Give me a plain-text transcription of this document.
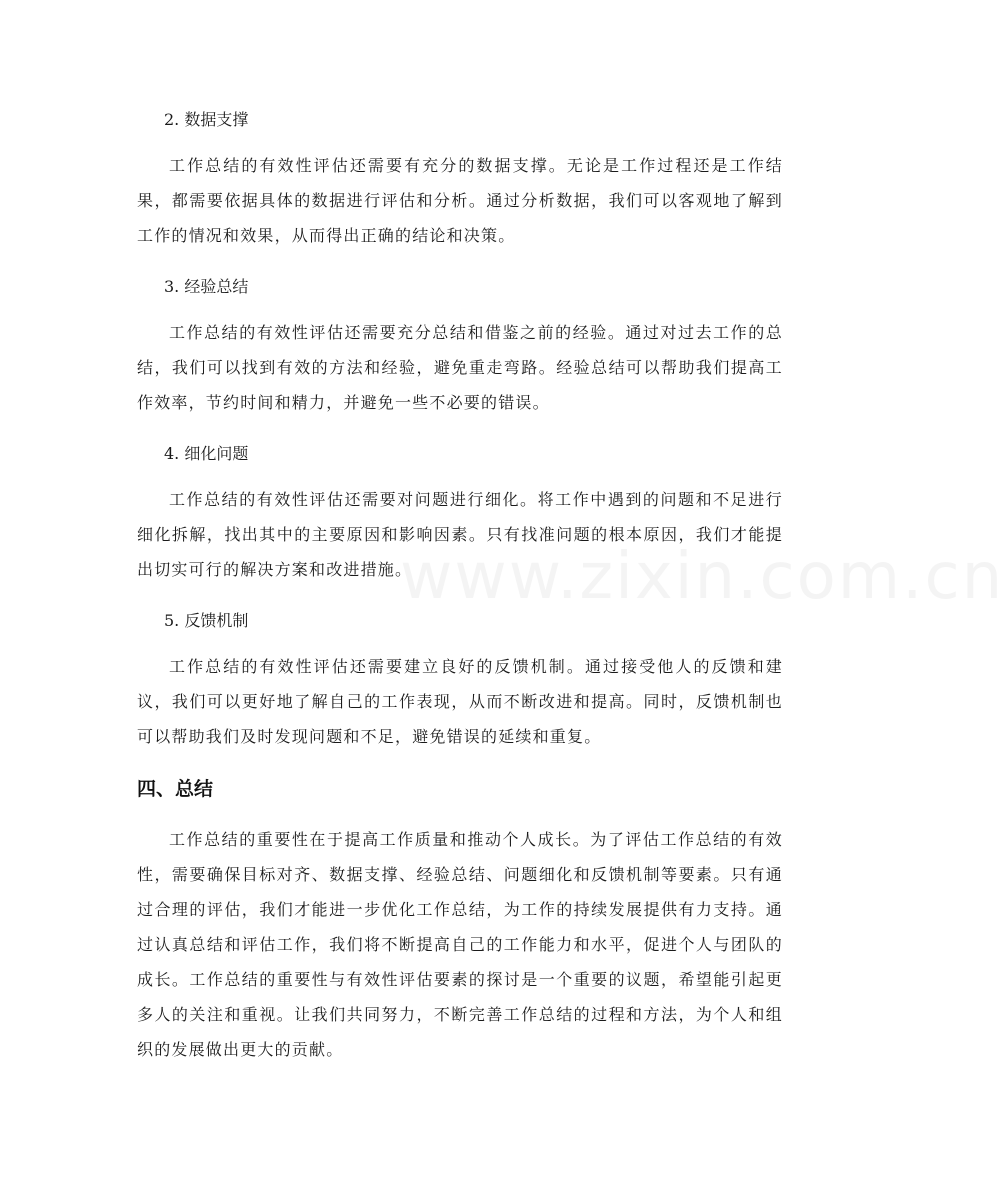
2. 数据支撑

工作总结的有效性评估还需要有充分的数据支撑。无论是工作过程还是工作结果，都需要依据具体的数据进行评估和分析。通过分析数据，我们可以客观地了解到工作的情况和效果，从而得出正确的结论和决策。

3. 经验总结

工作总结的有效性评估还需要充分总结和借鉴之前的经验。通过对过去工作的总结，我们可以找到有效的方法和经验，避免重走弯路。经验总结可以帮助我们提高工作效率，节约时间和精力，并避免一些不必要的错误。

4. 细化问题

工作总结的有效性评估还需要对问题进行细化。将工作中遇到的问题和不足进行细化拆解，找出其中的主要原因和影响因素。只有找准问题的根本原因，我们才能提出切实可行的解决方案和改进措施。

5. 反馈机制

工作总结的有效性评估还需要建立良好的反馈机制。通过接受他人的反馈和建议，我们可以更好地了解自己的工作表现，从而不断改进和提高。同时，反馈机制也可以帮助我们及时发现问题和不足，避免错误的延续和重复。

四、总结

工作总结的重要性在于提高工作质量和推动个人成长。为了评估工作总结的有效性，需要确保目标对齐、数据支撑、经验总结、问题细化和反馈机制等要素。只有通过合理的评估，我们才能进一步优化工作总结，为工作的持续发展提供有力支持。通过认真总结和评估工作，我们将不断提高自己的工作能力和水平，促进个人与团队的成长。工作总结的重要性与有效性评估要素的探讨是一个重要的议题，希望能引起更多人的关注和重视。让我们共同努力，不断完善工作总结的过程和方法，为个人和组织的发展做出更大的贡献。

www.zixin.com.cn
